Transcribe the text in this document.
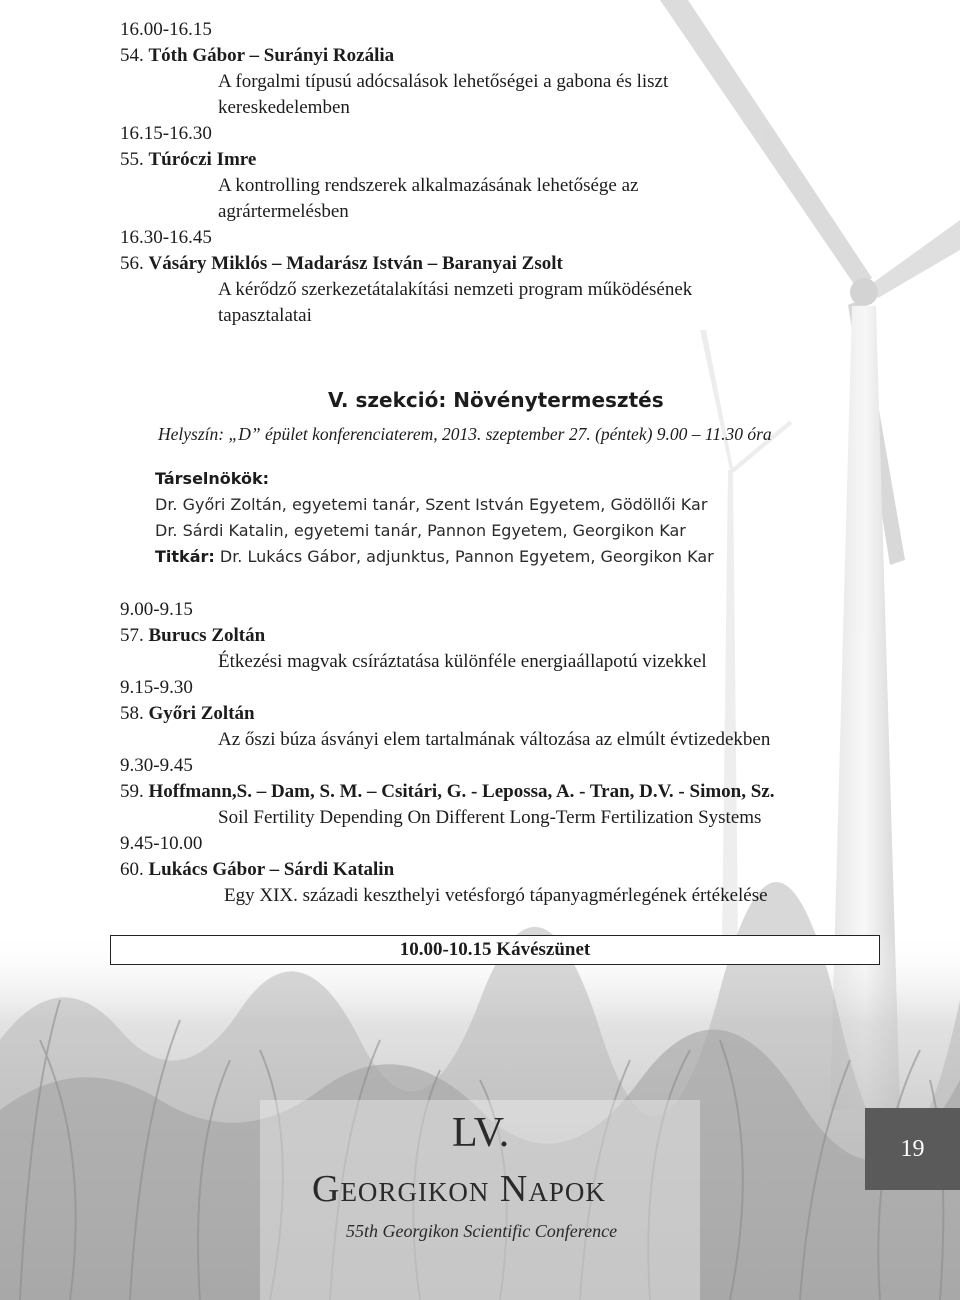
16.00-16.15
54. Tóth Gábor – Surányi Rozália
A forgalmi típusú adócsalások lehetőségei a gabona és liszt
kereskedelemben
16.15-16.30
55. Túróczi Imre
A kontrolling rendszerek alkalmazásának lehetősége az
agrártermelésben
16.30-16.45
56. Vásáry Miklós – Madarász István – Baranyai Zsolt
A kérődző szerkezetátalakítási nemzeti program működésének
tapasztalatai
V. szekció: Növénytermesztés
Helyszín: „D” épület konferenciaterem, 2013. szeptember 27. (péntek) 9.00 – 11.30 óra
Társelnökök:
Dr. Győri Zoltán, egyetemi tanár, Szent István Egyetem, Gödöllői Kar
Dr. Sárdi Katalin, egyetemi tanár, Pannon Egyetem, Georgikon Kar
Titkár: Dr. Lukács Gábor, adjunktus, Pannon Egyetem, Georgikon Kar
9.00-9.15
57. Burucs Zoltán
Étkezési magvak csíráztatása különféle energiaállapotú vizekkel
9.15-9.30
58. Győri Zoltán
Az őszi búza ásványi elem tartalmának változása az elmúlt évtizedekben
9.30-9.45
59. Hoffmann,S. – Dam, S. M. – Csitári, G. - Lepossa, A. - Tran, D.V. - Simon, Sz.
Soil Fertility Depending On Different Long-Term Fertilization Systems
9.45-10.00
60. Lukács Gábor – Sárdi Katalin
Egy XIX. századi keszthelyi vetésforgó tápanyagmérlegének értékelése
10.00-10.15 Kávészünet
LV.
Georgikon Napok
55th Georgikon Scientific Conference
19
